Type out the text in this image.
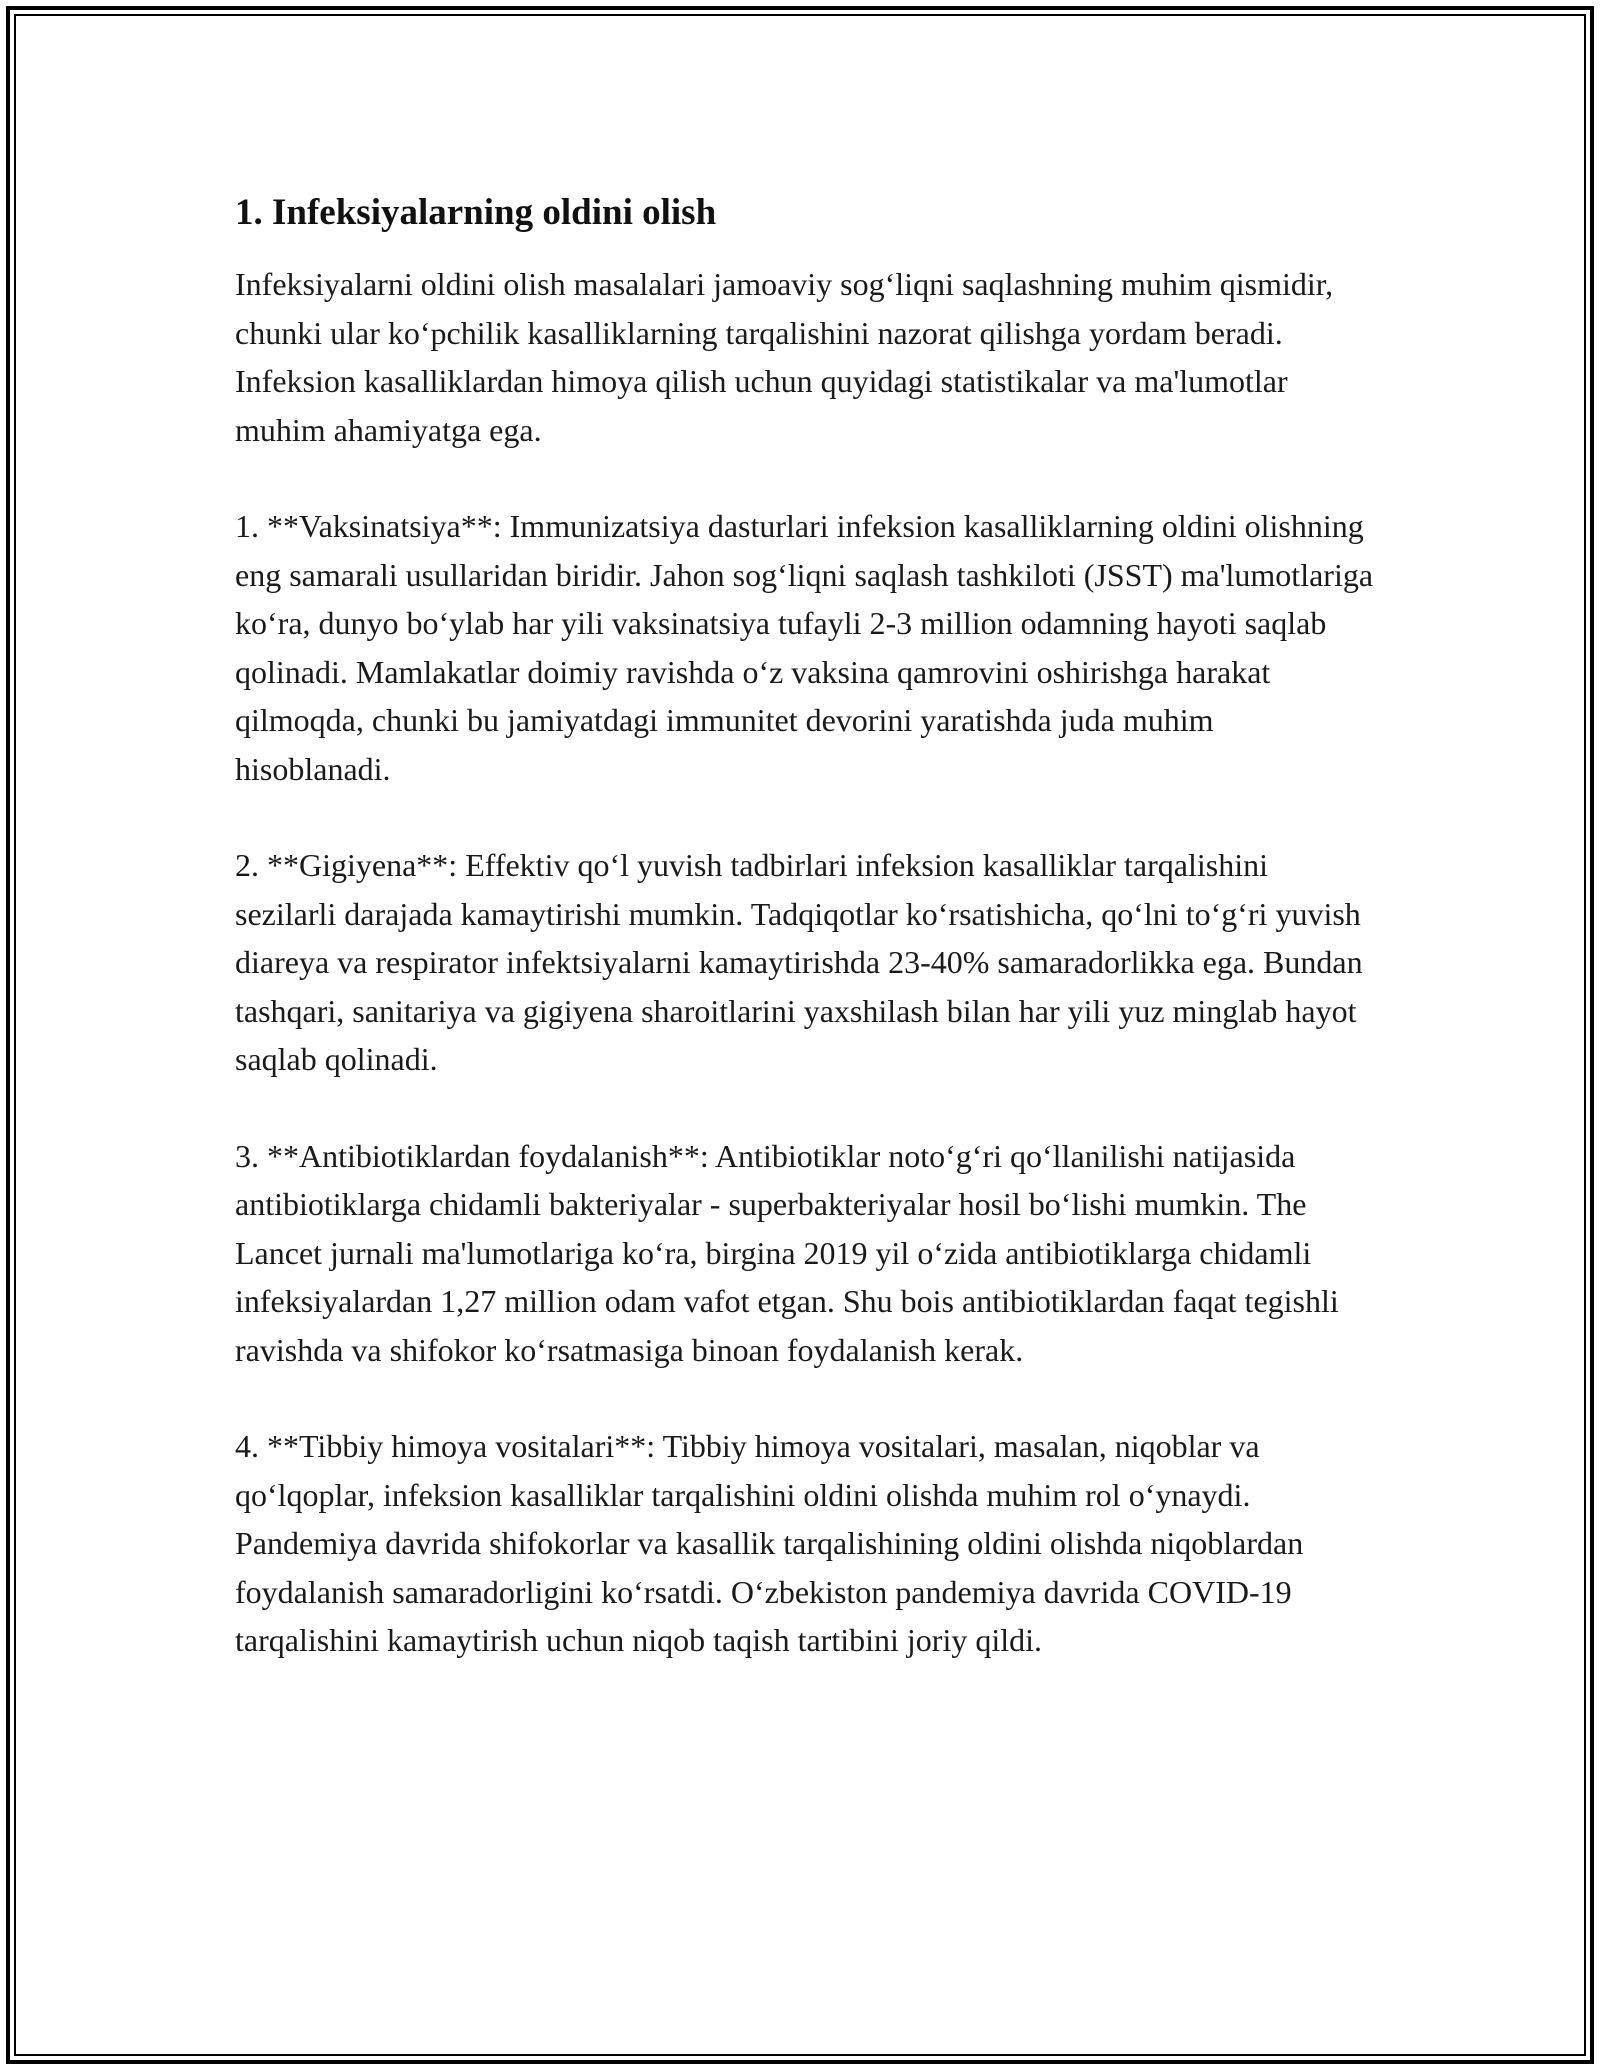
1. Infeksiyalarning oldini olish

Infeksiyalarni oldini olish masalalari jamoaviy sog‘liqni saqlashning muhim qismidir, chunki ular ko‘pchilik kasalliklarning tarqalishini nazorat qilishga yordam beradi. Infeksion kasalliklardan himoya qilish uchun quyidagi statistikalar va ma'lumotlar muhim ahamiyatga ega.

1. **Vaksinatsiya**: Immunizatsiya dasturlari infeksion kasalliklarning oldini olishning eng samarali usullaridan biridir. Jahon sog‘liqni saqlash tashkiloti (JSST) ma'lumotlariga ko‘ra, dunyo bo‘ylab har yili vaksinatsiya tufayli 2-3 million odamning hayoti saqlab qolinadi. Mamlakatlar doimiy ravishda o‘z vaksina qamrovini oshirishga harakat qilmoqda, chunki bu jamiyatdagi immunitet devorini yaratishda juda muhim hisoblanadi.

2. **Gigiyena**: Effektiv qo‘l yuvish tadbirlari infeksion kasalliklar tarqalishini sezilarli darajada kamaytirishi mumkin. Tadqiqotlar ko‘rsatishicha, qo‘lni to‘g‘ri yuvish diareya va respirator infektsiyalarni kamaytirishda 23-40% samaradorlikka ega. Bundan tashqari, sanitariya va gigiyena sharoitlarini yaxshilash bilan har yili yuz minglab hayot saqlab qolinadi.

3. **Antibiotiklardan foydalanish**: Antibiotiklar noto‘g‘ri qo‘llanilishi natijasida antibiotiklarga chidamli bakteriyalar - superbakteriyalar hosil bo‘lishi mumkin. The Lancet jurnali ma'lumotlariga ko‘ra, birgina 2019 yil o‘zida antibiotiklarga chidamli infeksiyalardan 1,27 million odam vafot etgan. Shu bois antibiotiklardan faqat tegishli ravishda va shifokor ko‘rsatmasiga binoan foydalanish kerak.

4. **Tibbiy himoya vositalari**: Tibbiy himoya vositalari, masalan, niqoblar va qo‘lqoplar, infeksion kasalliklar tarqalishini oldini olishda muhim rol o‘ynaydi. Pandemiya davrida shifokorlar va kasallik tarqalishining oldini olishda niqoblardan foydalanish samaradorligini ko‘rsatdi. O‘zbekiston pandemiya davrida COVID-19 tarqalishini kamaytirish uchun niqob taqish tartibini joriy qildi.
